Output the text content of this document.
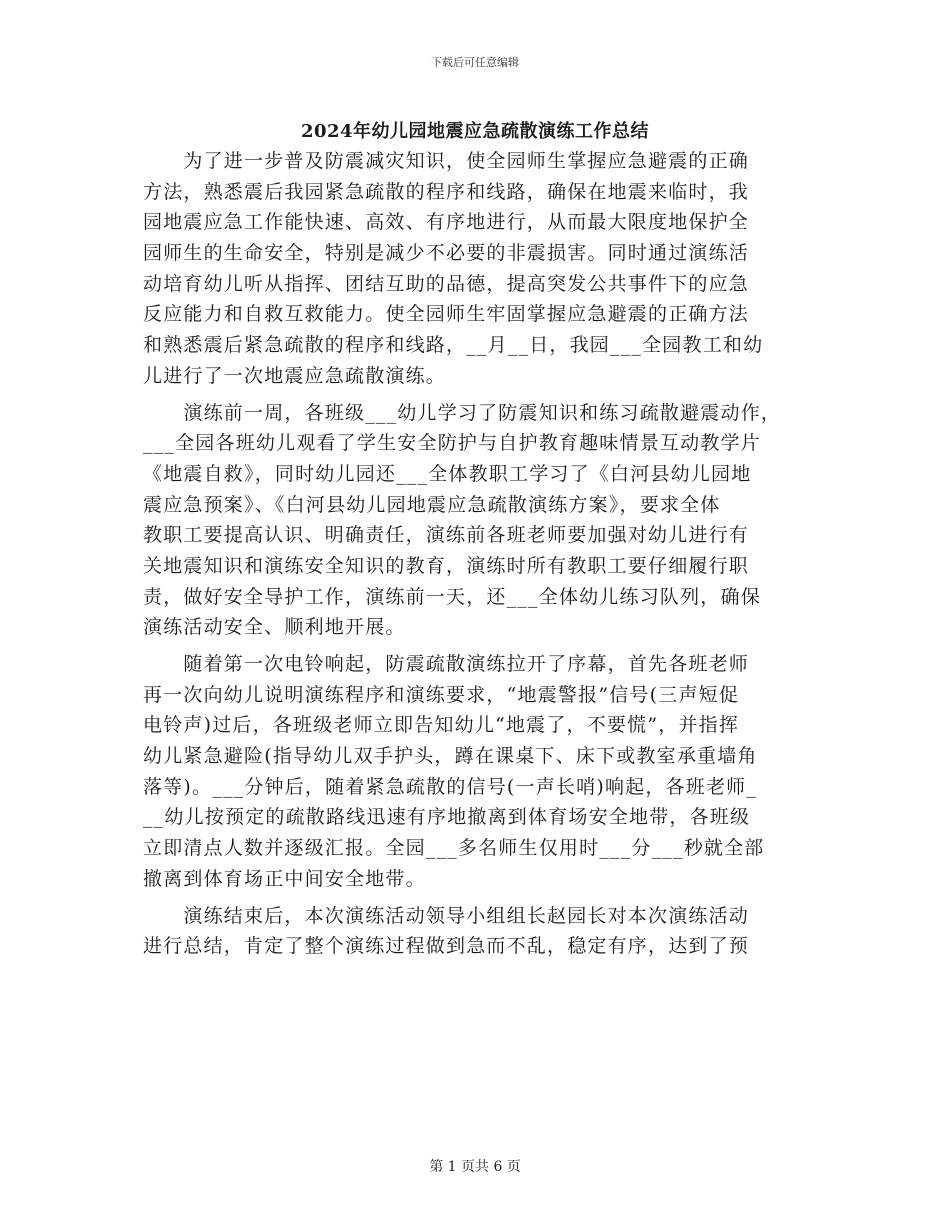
下载后可任意编辑
2024年幼儿园地震应急疏散演练工作总结
　　为了进一步普及防震减灾知识，使全园师生掌握应急避震的正确
方法，熟悉震后我园紧急疏散的程序和线路，确保在地震来临时，我
园地震应急工作能快速、高效、有序地进行，从而最大限度地保护全
园师生的生命安全，特别是减少不必要的非震损害。同时通过演练活
动培育幼儿听从指挥、团结互助的品德，提高突发公共事件下的应急
反应能力和自救互救能力。使全园师生牢固掌握应急避震的正确方法
和熟悉震后紧急疏散的程序和线路，__月__日，我园___全园教工和幼
儿进行了一次地震应急疏散演练。
　　演练前一周，各班级___幼儿学习了防震知识和练习疏散避震动作，
___全园各班幼儿观看了学生安全防护与自护教育趣味情景互动教学片
《地震自救》，同时幼儿园还___全体教职工学习了《白河县幼儿园地
震应急预案》、《白河县幼儿园地震应急疏散演练方案》，要求全体
教职工要提高认识、明确责任，演练前各班老师要加强对幼儿进行有
关地震知识和演练安全知识的教育，演练时所有教职工要仔细履行职
责，做好安全导护工作，演练前一天，还___全体幼儿练习队列，确保
演练活动安全、顺利地开展。
　　随着第一次电铃响起，防震疏散演练拉开了序幕，首先各班老师
再一次向幼儿说明演练程序和演练要求，“地震警报”信号(三声短促
电铃声)过后，各班级老师立即告知幼儿“地震了，不要慌”，并指挥
幼儿紧急避险(指导幼儿双手护头，蹲在课桌下、床下或教室承重墙角
落等)。___分钟后，随着紧急疏散的信号(一声长哨)响起，各班老师_
__幼儿按预定的疏散路线迅速有序地撤离到体育场安全地带，各班级
立即清点人数并逐级汇报。全园___多名师生仅用时___分___秒就全部
撤离到体育场正中间安全地带。
　　演练结束后，本次演练活动领导小组组长赵园长对本次演练活动
进行总结，肯定了整个演练过程做到急而不乱，稳定有序，达到了预
第 1 页共 6 页
